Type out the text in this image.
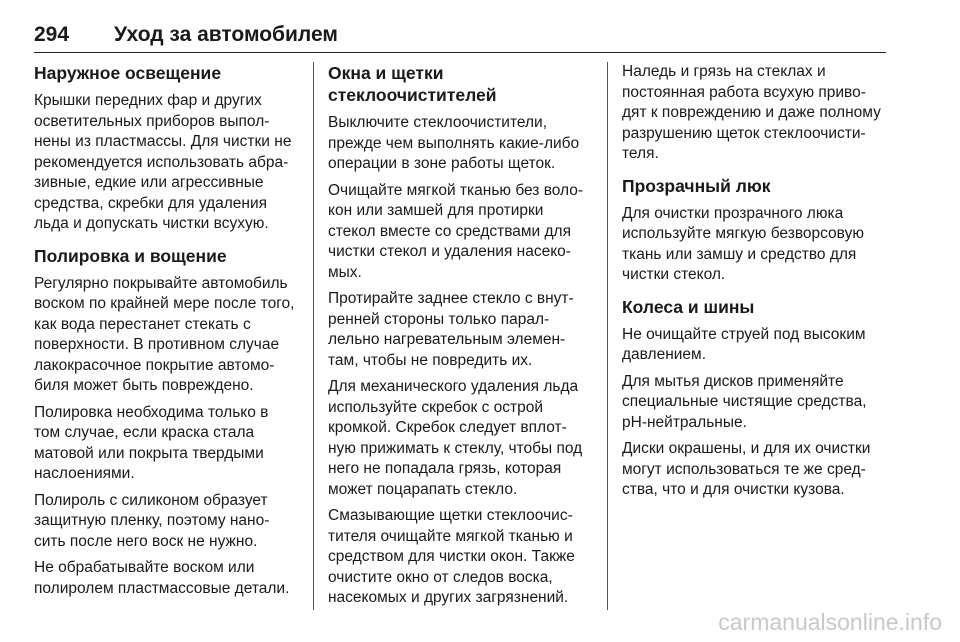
294	Уход за автомобилем
Наружное освещение

Крышки передних фар и других
осветительных приборов выпол-
нены из пластмассы. Для чистки не
рекомендуется использовать абра-
зивные, едкие или агрессивные
средства, скребки для удаления
льда и допускать чистки всухую.

Полировка и вощение

Регулярно покрывайте автомобиль
воском по крайней мере после того,
как вода перестанет стекать с
поверхности. В противном случае
лакокрасочное покрытие автомо-
биля может быть повреждено.

Полировка необходима только в
том случае, если краска стала
матовой или покрыта твердыми
наслоениями.

Полироль с силиконом образует
защитную пленку, поэтому нано-
сить после него воск не нужно.

Не обрабатывайте воском или
полиролем пластмассовые детали.

Окна и щетки
стеклоочистителей

Выключите стеклоочистители,
прежде чем выполнять какие-либо
операции в зоне работы щеток.

Очищайте мягкой тканью без воло-
кон или замшей для протирки
стекол вместе со средствами для
чистки стекол и удаления насеко-
мых.

Протирайте заднее стекло с внут-
ренней стороны только парал-
лельно нагревательным элемен-
там, чтобы не повредить их.

Для механического удаления льда
используйте скребок с острой
кромкой. Скребок следует вплот-
ную прижимать к стеклу, чтобы под
него не попадала грязь, которая
может поцарапать стекло.

Смазывающие щетки стеклоочис-
тителя очищайте мягкой тканью и
средством для чистки окон. Также
очистите окно от следов воска,
насекомых и других загрязнений.

Наледь и грязь на стеклах и
постоянная работа всухую приво-
дят к повреждению и даже полному
разрушению щеток стеклоочисти-
теля.

Прозрачный люк

Для очистки прозрачного люка
используйте мягкую безворсовую
ткань или замшу и средство для
чистки стекол.

Колеса и шины

Не очищайте струей под высоким
давлением.

Для мытья дисков применяйте
специальные чистящие средства,
рН-нейтральные.

Диски окрашены, и для их очистки
могут использоваться те же сред-
ства, что и для очистки кузова.

carmanualsonline.info
